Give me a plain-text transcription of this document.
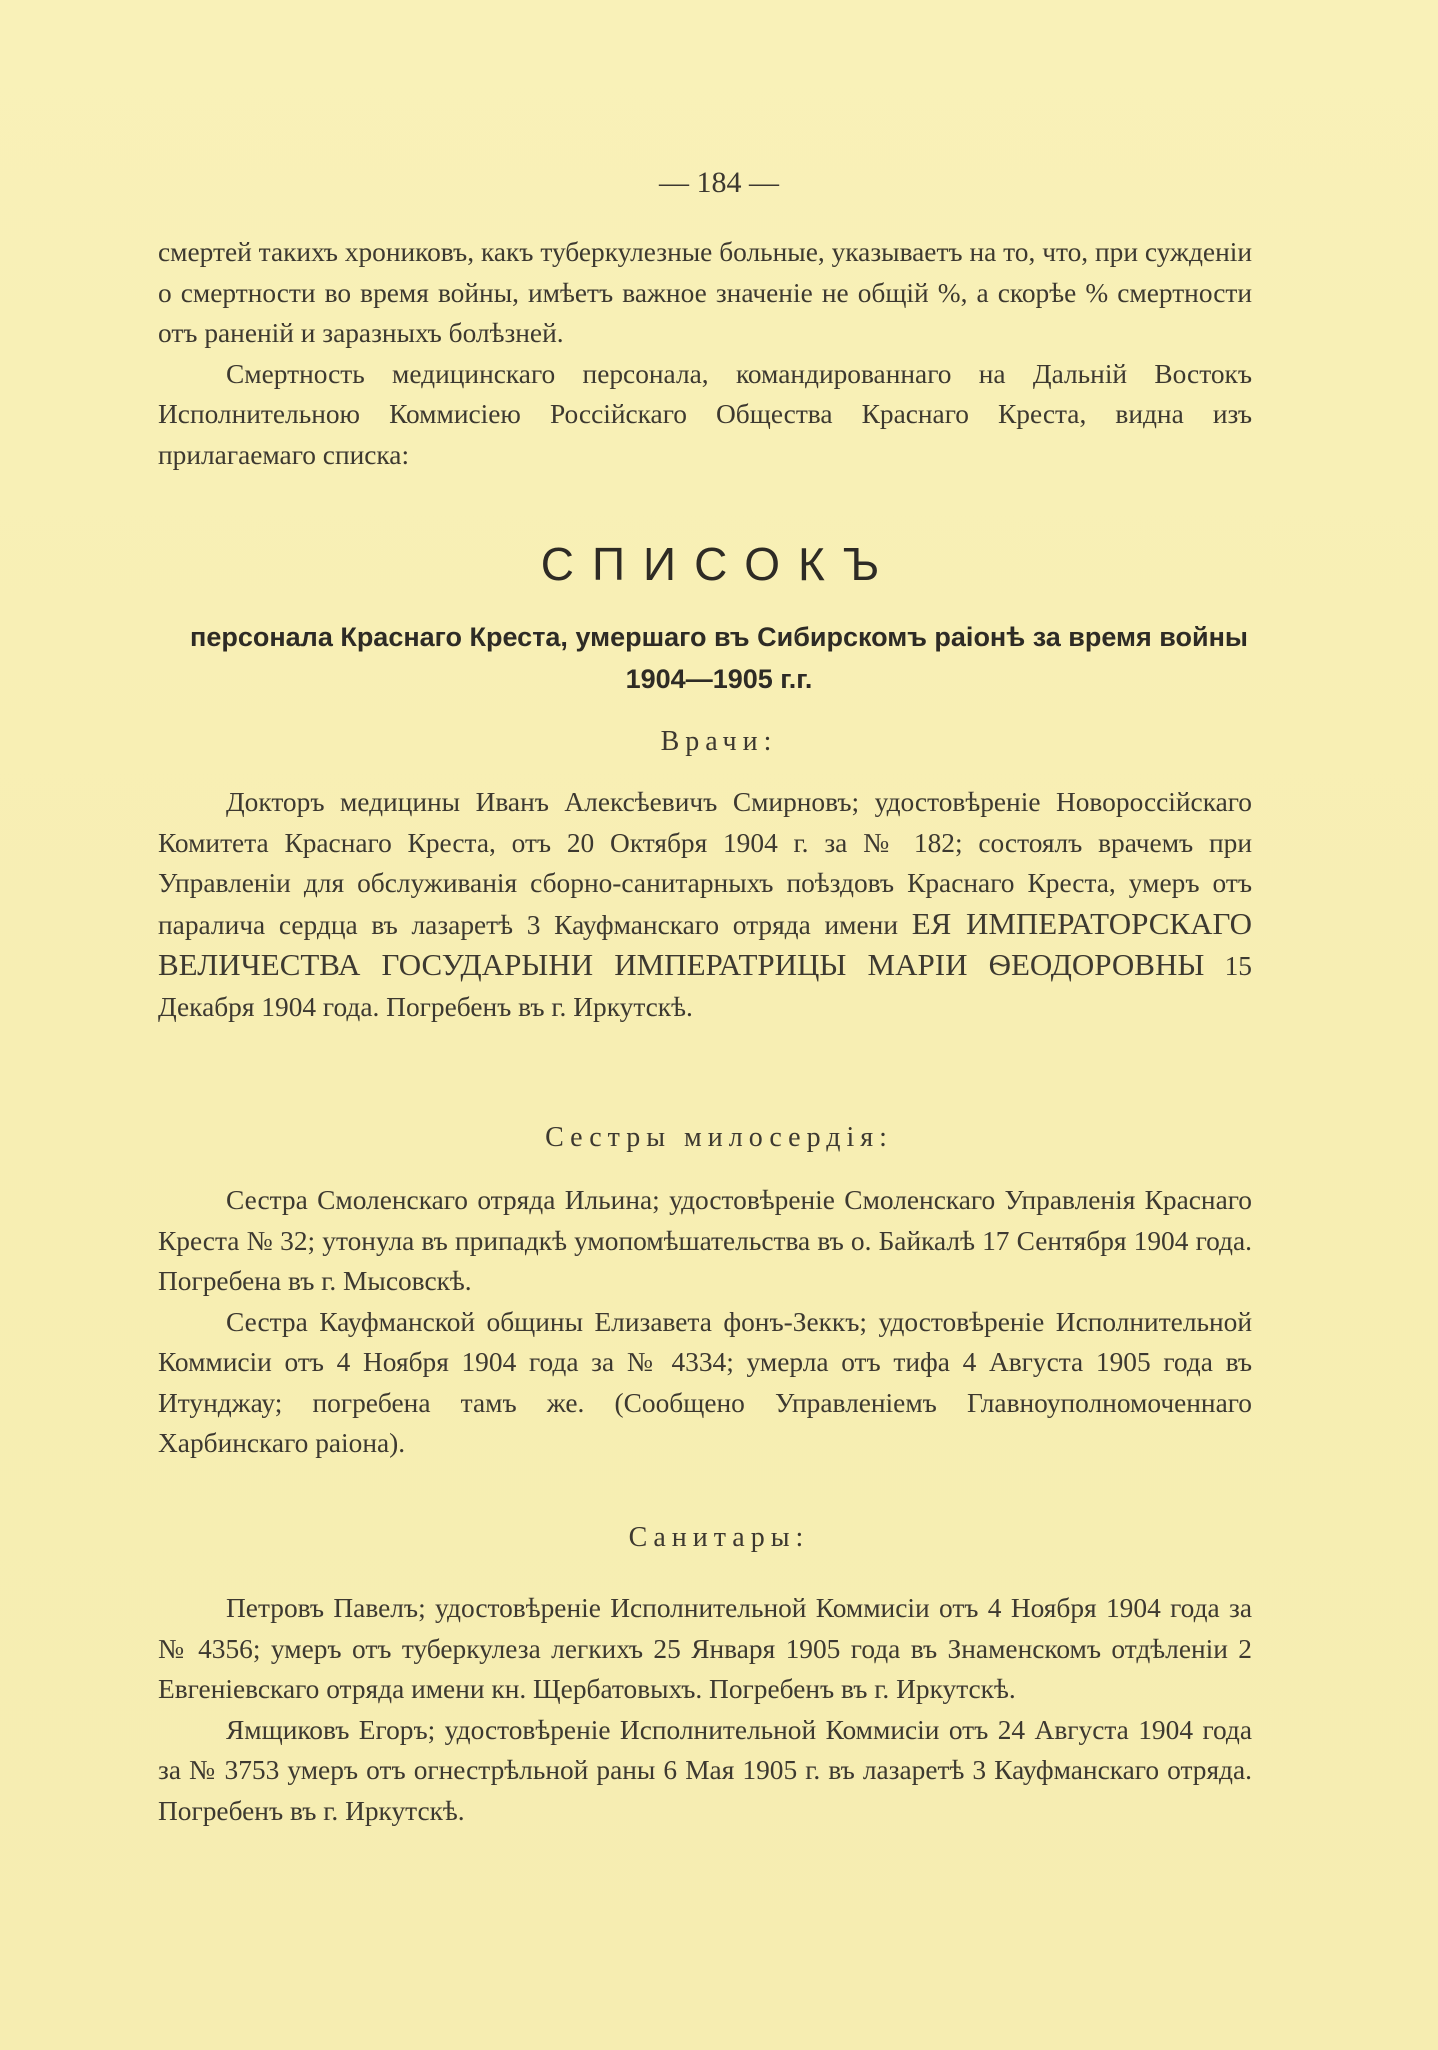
— 184 —

смертей такихъ хрониковъ, какъ туберкулезные больные, указываетъ на то, что, при сужденіи о смертности во время войны, имѣетъ важное значеніе не общій %, а скорѣе % смертности отъ раненій и заразныхъ болѣзней.

Смертность медицинскаго персонала, командированнаго на Дальній Востокъ Исполнительною Коммисіею Россійскаго Общества Краснаго Креста, видна изъ прилагаемаго списка:

СПИСОКЪ
персонала Краснаго Креста, умершаго въ Сибирскомъ раіонѣ за время войны
1904—1905 г.г.
Врачи:

Докторъ медицины Иванъ Алексѣевичъ Смирновъ; удостовѣреніе Новороссійскаго Комитета Краснаго Креста, отъ 20 Октября 1904 г. за № 182; состоялъ врачемъ при Управленіи для обслуживанія сборно-санитарныхъ поѣздовъ Краснаго Креста, умеръ отъ паралича сердца въ лазаретѣ 3 Кауфманскаго отряда имени ЕЯ ИМПЕРАТОРСКАГО ВЕЛИЧЕСТВА ГОСУДАРЫНИ ИМПЕРАТРИЦЫ МАРІИ ѲЕОДОРОВНЫ 15 Декабря 1904 года. Погребенъ въ г. Иркутскѣ.

Сестры милосердія:

Сестра Смоленскаго отряда Ильина; удостовѣреніе Смоленскаго Управленія Краснаго Креста № 32; утонула въ припадкѣ умопомѣшательства въ о. Байкалѣ 17 Сентября 1904 года. Погребена въ г. Мысовскѣ.

Сестра Кауфманской общины Елизавета фонъ-Зеккъ; удостовѣреніе Исполнительной Коммисіи отъ 4 Ноября 1904 года за № 4334; умерла отъ тифа 4 Августа 1905 года въ Итунджау; погребена тамъ же. (Сообщено Управленіемъ Главноуполномоченнаго Харбинскаго раіона).

Санитары:

Петровъ Павелъ; удостовѣреніе Исполнительной Коммисіи отъ 4 Ноября 1904 года за № 4356; умеръ отъ туберкулеза легкихъ 25 Января 1905 года въ Знаменскомъ отдѣленіи 2 Евгеніевскаго отряда имени кн. Щербатовыхъ. Погребенъ въ г. Иркутскѣ.

Ямщиковъ Егоръ; удостовѣреніе Исполнительной Коммисіи отъ 24 Августа 1904 года за № 3753 умеръ отъ огнестрѣльной раны 6 Мая 1905 г. въ лазаретѣ 3 Кауфманскаго отряда. Погребенъ въ г. Иркутскѣ.
